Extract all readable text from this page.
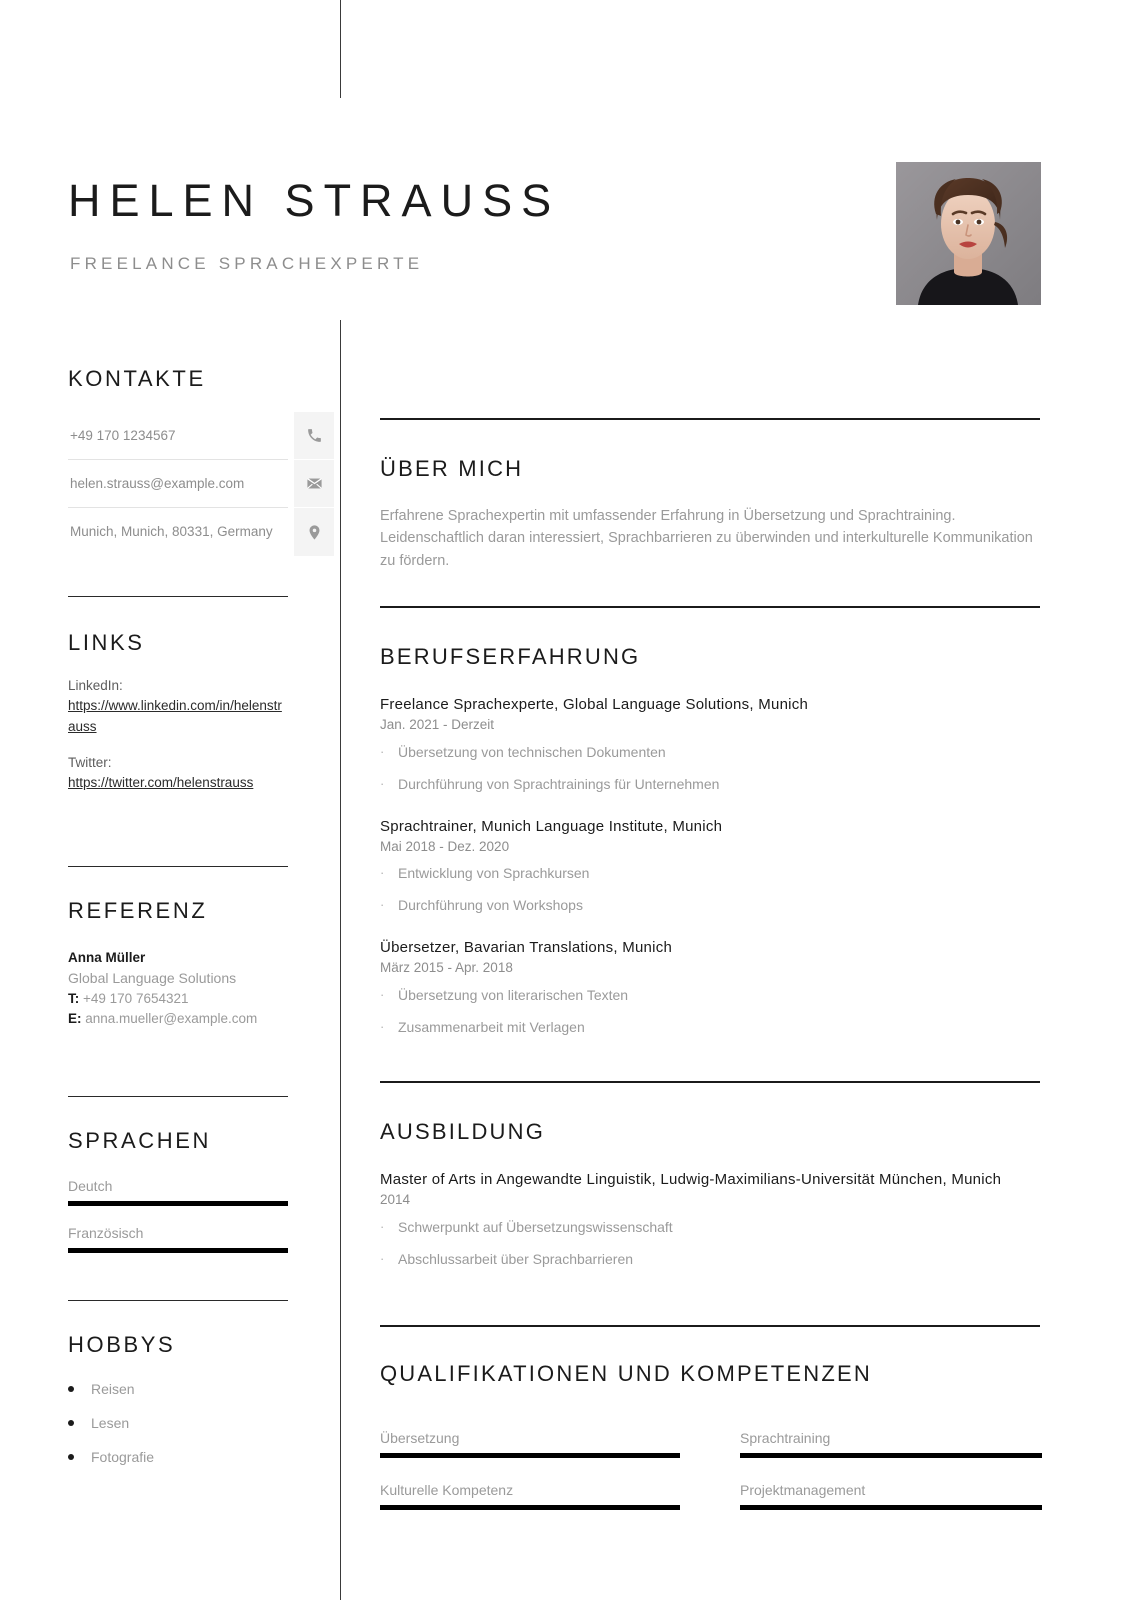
HELEN STRAUSS
FREELANCE SPRACHEXPERTE
KONTAKTE
+49 170 1234567
helen.strauss@example.com
Munich, Munich, 80331, Germany
LINKS
LinkedIn:
https://www.linkedin.com/in/helenstrauss
Twitter:
https://twitter.com/helenstrauss
REFERENZ
Anna Müller
Global Language Solutions
T: +49 170 7654321
E: anna.mueller@example.com
SPRACHEN
Deutch
Französisch
HOBBYS
Reisen
Lesen
Fotografie
ÜBER MICH
Erfahrene Sprachexpertin mit umfassender Erfahrung in Übersetzung und Sprachtraining. Leidenschaftlich daran interessiert, Sprachbarrieren zu überwinden und interkulturelle Kommunikation zu fördern.
BERUFSERFAHRUNG
Freelance Sprachexperte, Global Language Solutions, Munich
Jan. 2021 - Derzeit
· Übersetzung von technischen Dokumenten
· Durchführung von Sprachtrainings für Unternehmen
Sprachtrainer, Munich Language Institute, Munich
Mai 2018 - Dez. 2020
· Entwicklung von Sprachkursen
· Durchführung von Workshops
Übersetzer, Bavarian Translations, Munich
März 2015 - Apr. 2018
· Übersetzung von literarischen Texten
· Zusammenarbeit mit Verlagen
AUSBILDUNG
Master of Arts in Angewandte Linguistik, Ludwig-Maximilians-Universität München, Munich
2014
· Schwerpunkt auf Übersetzungswissenschaft
· Abschlussarbeit über Sprachbarrieren
QUALIFIKATIONEN UND KOMPETENZEN
Übersetzung	Sprachtraining
Kulturelle Kompetenz	Projektmanagement
